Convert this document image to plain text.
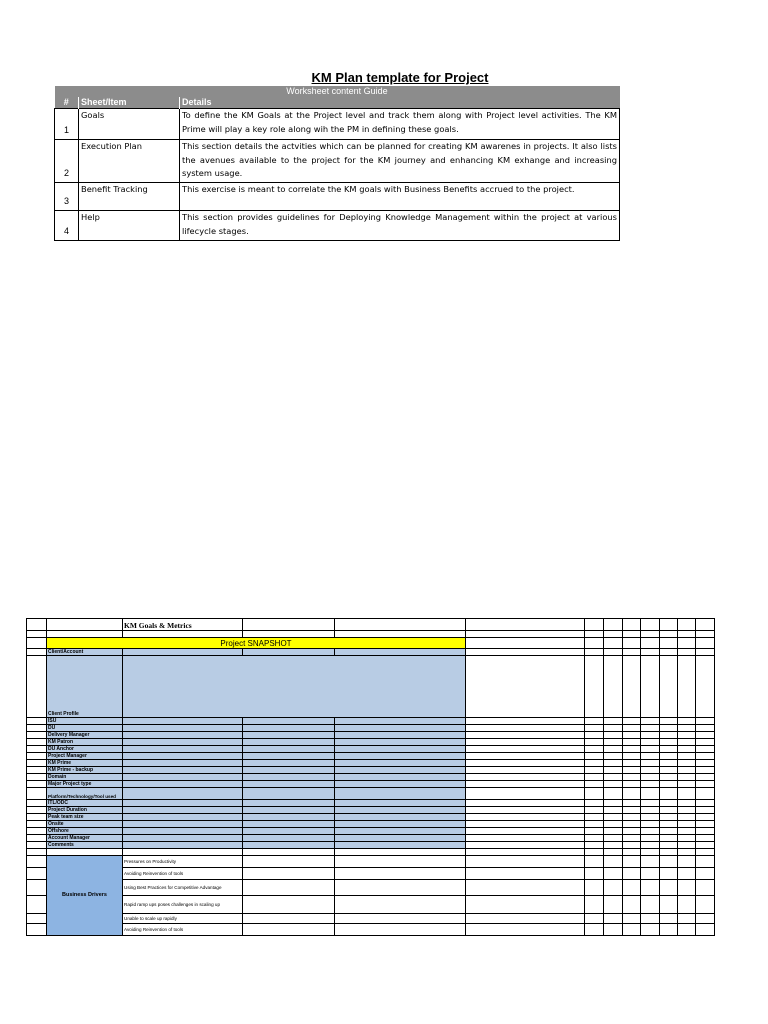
KM Plan template for Project
Worksheet content Guide		
#	Sheet/Item	Details
1	Goals	To define the KM Goals at the Project level and track them along with Project level activities. The KM Prime will play a key role along wih the PM in defining these goals.
2	Execution Plan	This section details the actvities which can be planned for creating KM awarenes in projects. It also lists the avenues available to the project for the KM journey and enhancing KM exhange and increasing system usage.
3	Benefit Tracking	This exercise is meant to correlate the KM goals with Business Benefits accrued to the project.
4	Help	This section provides guidelines for Deploying Knowledge Management within the project at various lifecycle stages.
		KM Goals & Metrics										

	Project SNAPSHOT											
	Client/Account											
	Client Profile											
	ISU											
	DU											
	Delivery Manager											
	KM Patron											
	DU Anchor											
	Project Manager											
	KM Prime											
	KM Prime - backup											
	Domain											
	Major Project type											
	Platform/Technology/Tool used											
	ITL/ODC											
	Project Duration											
	Peak team size											
	Onsite											
	Offshore											
	Account Manager											
	Comments											

	Business Drivers	Pressures on Productivity										
		Avoiding Reinvention of tools										
		Using Best Practices for Competitive Advantage										
		Rapid ramp ups poses challenges in scaling up										
		Unable to scale up rapidly										
		Avoiding Reinvention of tools										
